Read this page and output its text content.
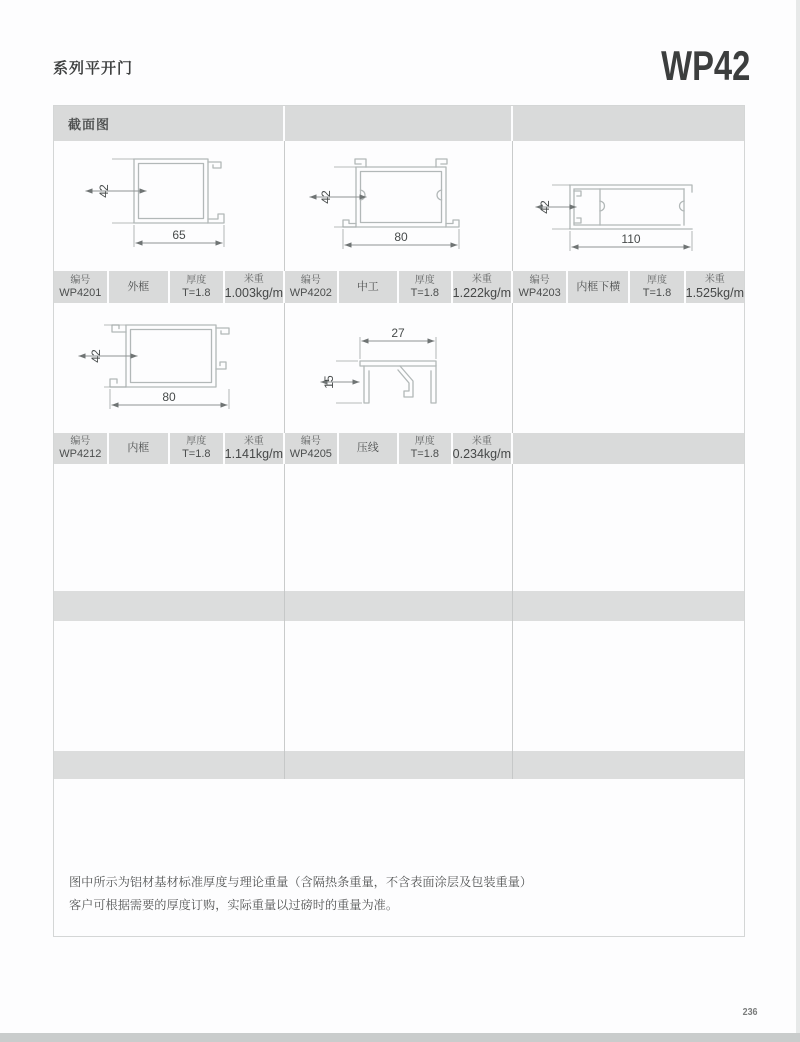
系列平开门	WP42
截面图
42
65
42
80
42
110
编号
WP4201
外框
厚度
T=1.8
米重
1.003kg/m
编号
WP4202
中工
厚度
T=1.8
米重
1.222kg/m
编号
WP4203
内框下横
厚度
T=1.8
米重
1.525kg/m
42
80
27
15
编号
WP4212
内框
厚度
T=1.8
米重
1.141kg/m
编号
WP4205
压线
厚度
T=1.8
米重
0.234kg/m
图中所示为铝材基材标准厚度与理论重量（含隔热条重量，不含表面涂层及包装重量）
客户可根据需要的厚度订购，实际重量以过磅时的重量为准。
236
